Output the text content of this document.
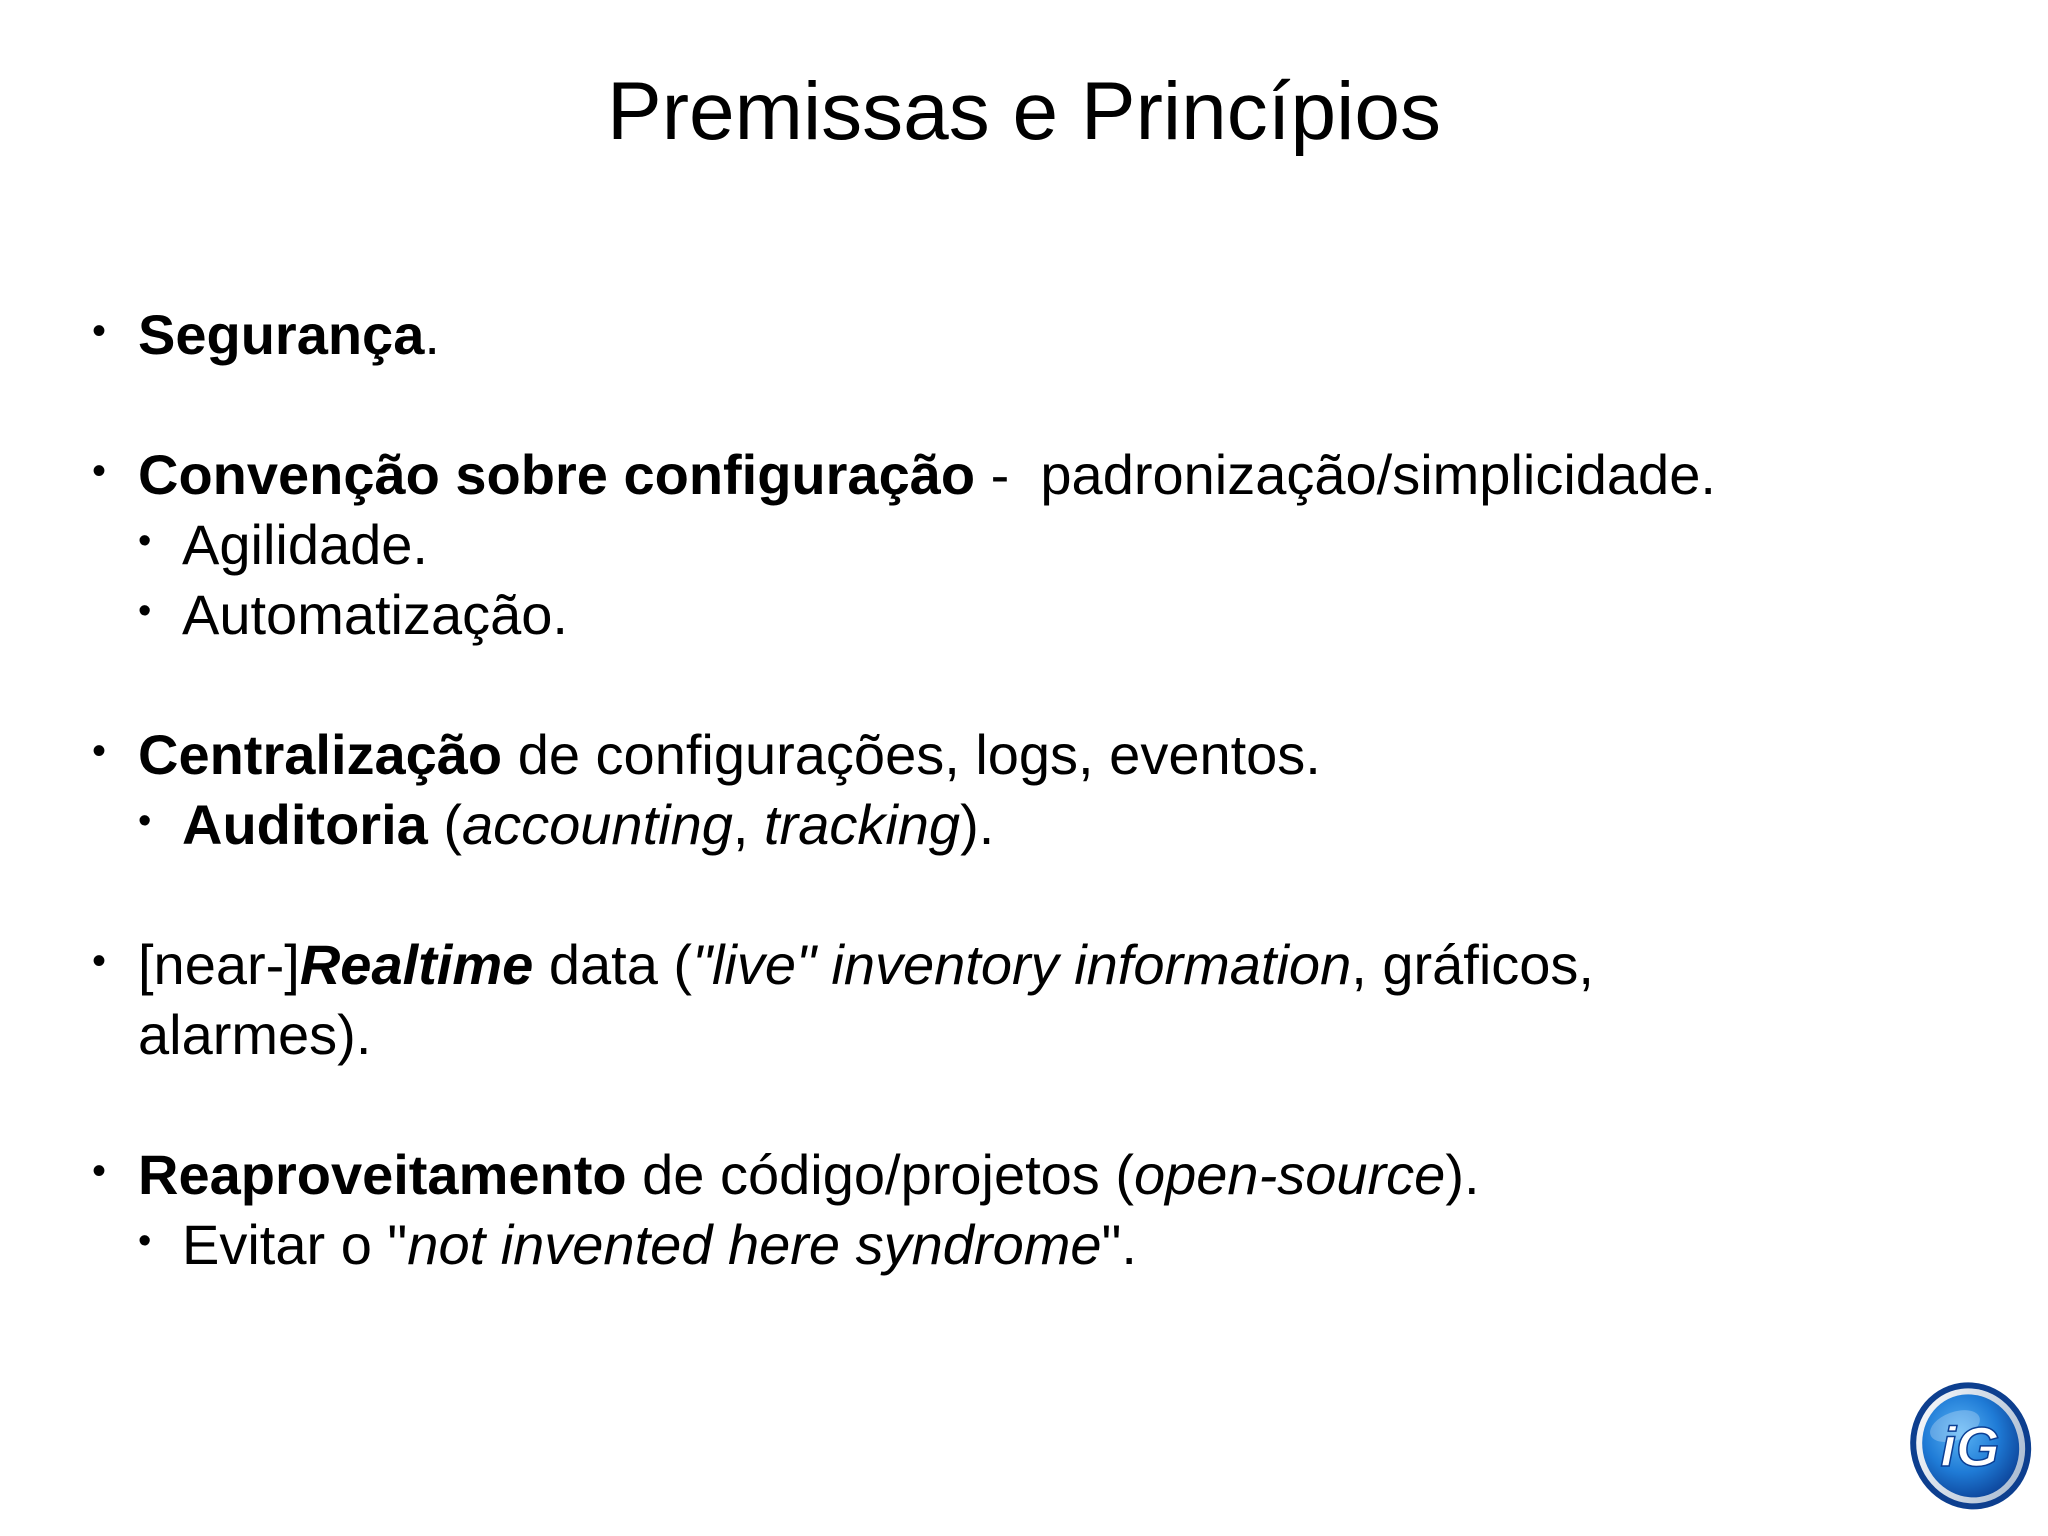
Premissas e Princípios
• Segurança.
• Convenção sobre configuração -  padronização/simplicidade.
• Agilidade.
• Automatização.
• Centralização de configurações, logs, eventos.
• Auditoria (accounting, tracking).
• [near-]Realtime data ("live" inventory information, gráficos,
alarmes).
• Reaproveitamento de código/projetos (open-source).
• Evitar o "not invented here syndrome".
iG
